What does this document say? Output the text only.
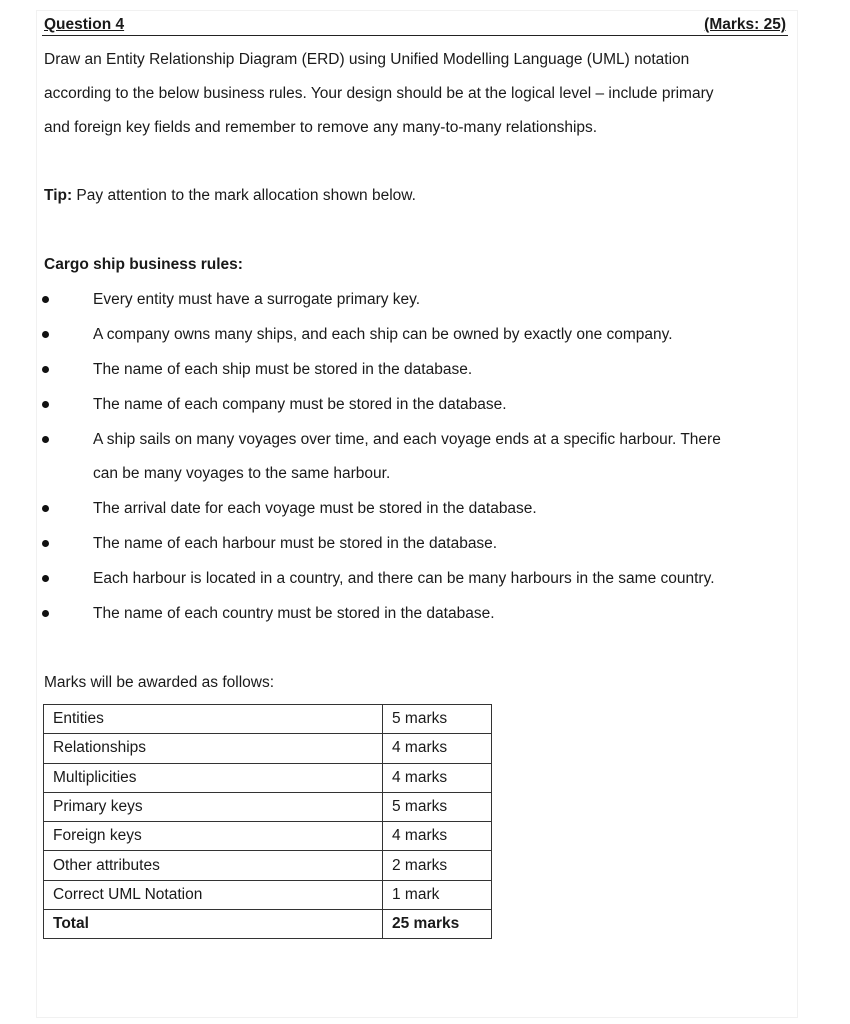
Question 4	(Marks: 25)
Draw an Entity Relationship Diagram (ERD) using Unified Modelling Language (UML) notation
according to the below business rules. Your design should be at the logical level – include primary
and foreign key fields and remember to remove any many-to-many relationships.
Tip: Pay attention to the mark allocation shown below.
Cargo ship business rules:
Every entity must have a surrogate primary key.
A company owns many ships, and each ship can be owned by exactly one company.
The name of each ship must be stored in the database.
The name of each company must be stored in the database.
A ship sails on many voyages over time, and each voyage ends at a specific harbour. There
can be many voyages to the same harbour.
The arrival date for each voyage must be stored in the database.
The name of each harbour must be stored in the database.
Each harbour is located in a country, and there can be many harbours in the same country.
The name of each country must be stored in the database.
Marks will be awarded as follows:
Entities	5 marks
Relationships	4 marks
Multiplicities	4 marks
Primary keys	5 marks
Foreign keys	4 marks
Other attributes	2 marks
Correct UML Notation	1 mark
Total	25 marks
